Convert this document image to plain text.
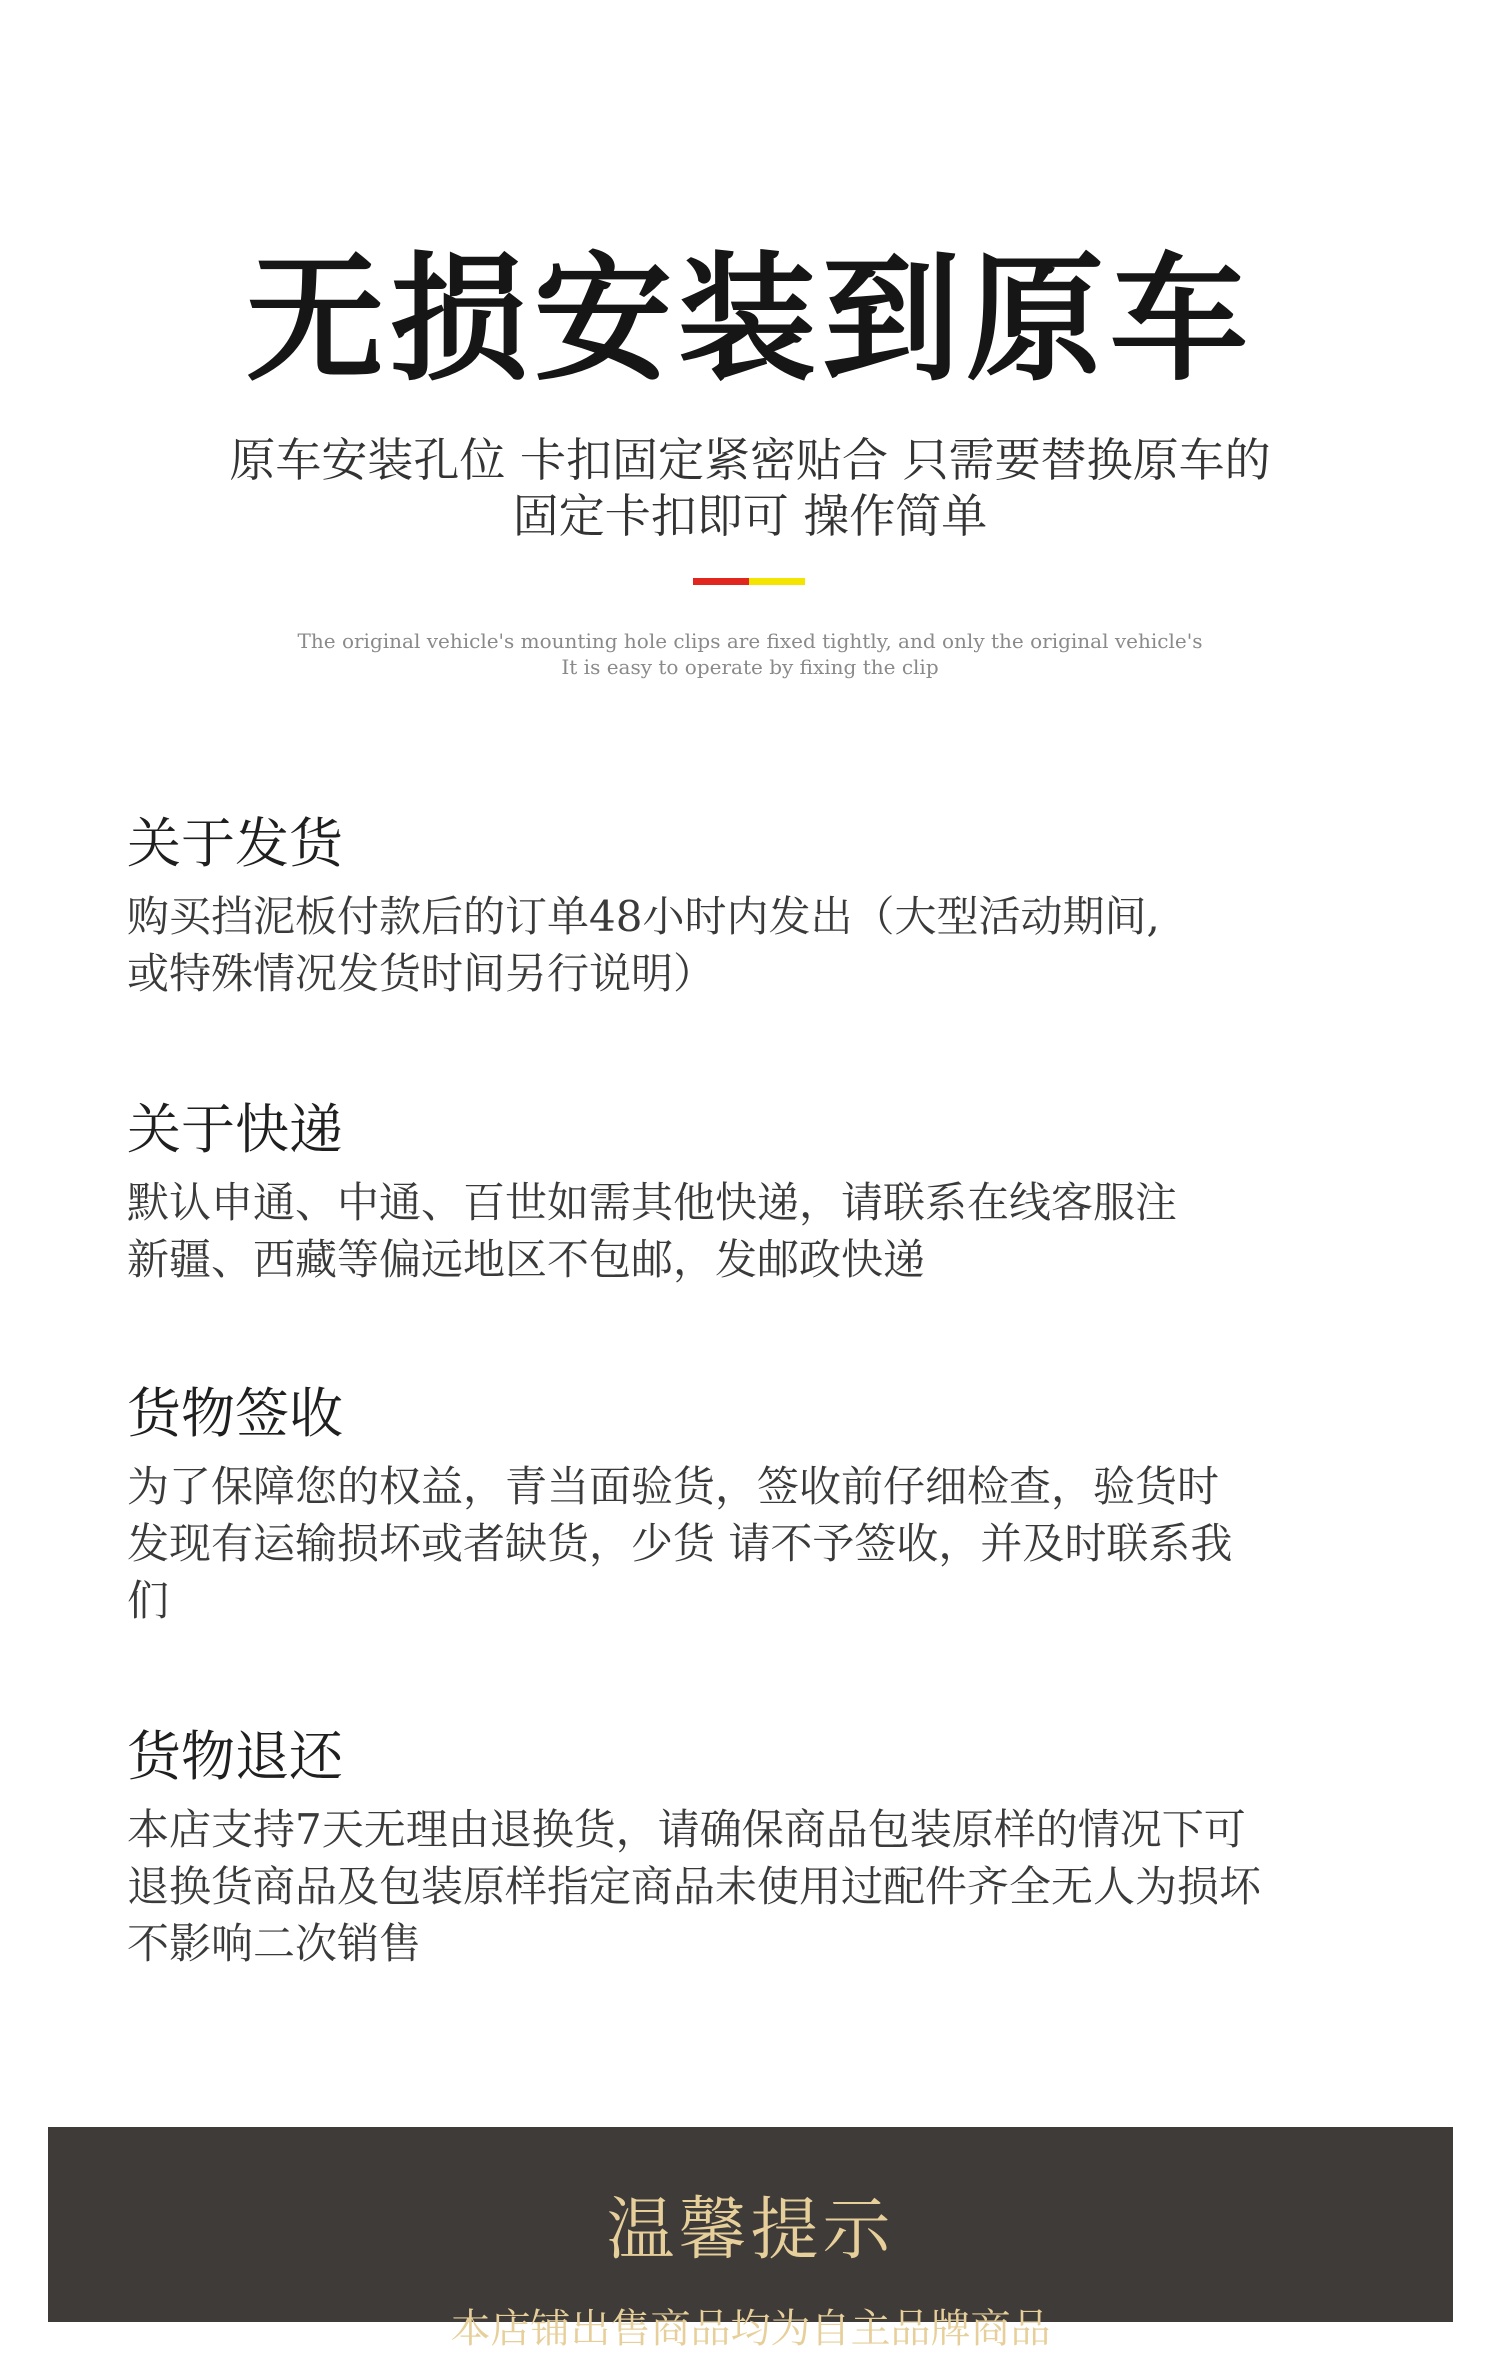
无损安装到原车
原车安装孔位 卡扣固定紧密贴合 只需要替换原车的
固定卡扣即可 操作简单
The original vehicle's mounting hole clips are fixed tightly, and only the original vehicle's
It is easy to operate by fixing the clip
关于发货
购买挡泥板付款后的订单48小时内发出（大型活动期间,
或特殊情况发货时间另行说明）
关于快递
默认申通、中通、百世如需其他快递，请联系在线客服注
新疆、西藏等偏远地区不包邮，发邮政快递
货物签收
为了保障您的权益，青当面验货，签收前仔细检查，验货时
发现有运输损坏或者缺货，少货 请不予签收，并及时联系我
们
货物退还
本店支持7天无理由退换货，请确保商品包装原样的情况下可
退换货商品及包装原样指定商品未使用过配件齐全无人为损坏
不影响二次销售
温馨提示
本店铺出售商品均为自主品牌商品
